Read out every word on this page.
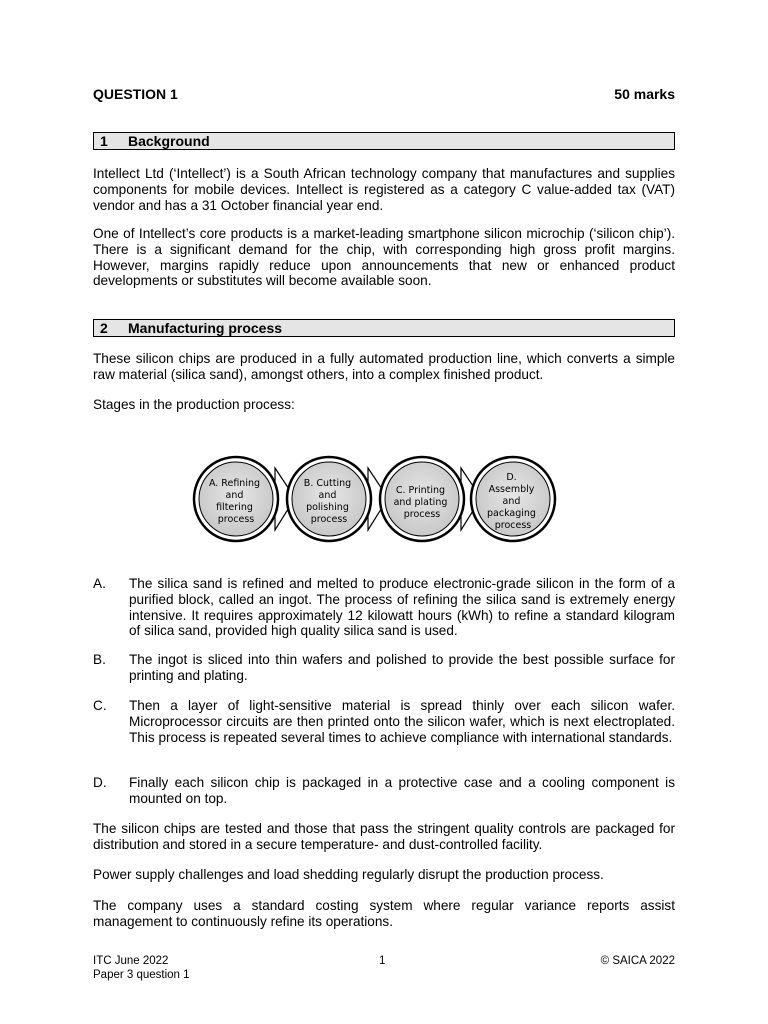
QUESTION 1	50 marks
1 Background

Intellect Ltd (‘Intellect’) is a South African technology company that manufactures and supplies components for mobile devices. Intellect is registered as a category C value-added tax (VAT) vendor and has a 31 October financial year end.

One of Intellect’s core products is a market-leading smartphone silicon microchip (‘silicon chip’). There is a significant demand for the chip, with corresponding high gross profit margins. However, margins rapidly reduce upon announcements that new or enhanced product developments or substitutes will become available soon.

2 Manufacturing process

These silicon chips are produced in a fully automated production line, which converts a simple raw material (silica sand), amongst others, into a complex finished product.

Stages in the production process:

A. Refining and filtering process
B. Cutting and polishing process
C. Printing and plating process
D. Assembly and packaging process
A. The silica sand is refined and melted to produce electronic-grade silicon in the form of a purified block, called an ingot. The process of refining the silica sand is extremely energy intensive. It requires approximately 12 kilowatt hours (kWh) to refine a standard kilogram of silica sand, provided high quality silica sand is used.
B. The ingot is sliced into thin wafers and polished to provide the best possible surface for printing and plating.
C. Then a layer of light-sensitive material is spread thinly over each silicon wafer. Microprocessor circuits are then printed onto the silicon wafer, which is next electroplated. This process is repeated several times to achieve compliance with international standards.
D. Finally each silicon chip is packaged in a protective case and a cooling component is mounted on top.

The silicon chips are tested and those that pass the stringent quality controls are packaged for distribution and stored in a secure temperature- and dust-controlled facility.

Power supply challenges and load shedding regularly disrupt the production process.

The company uses a standard costing system where regular variance reports assist management to continuously refine its operations.

ITC June 2022
Paper 3 question 1
1	© SAICA 2022
